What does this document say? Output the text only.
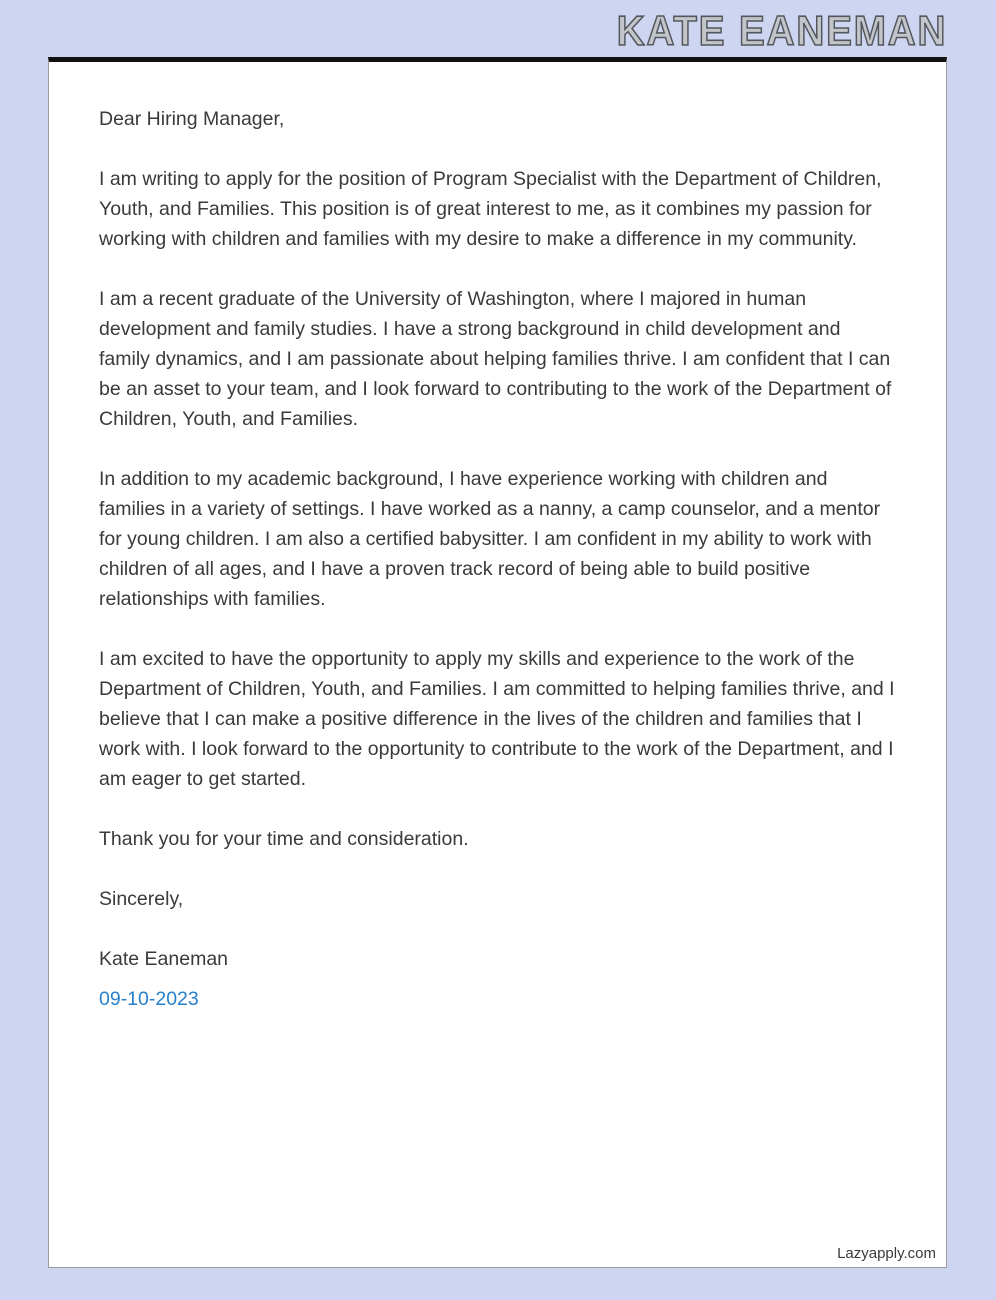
KATE EANEMAN

Dear Hiring Manager,

I am writing to apply for the position of Program Specialist with the Department of Children, Youth, and Families. This position is of great interest to me, as it combines my passion for working with children and families with my desire to make a difference in my community.

I am a recent graduate of the University of Washington, where I majored in human development and family studies. I have a strong background in child development and family dynamics, and I am passionate about helping families thrive. I am confident that I can be an asset to your team, and I look forward to contributing to the work of the Department of Children, Youth, and Families.

In addition to my academic background, I have experience working with children and families in a variety of settings. I have worked as a nanny, a camp counselor, and a mentor for young children. I am also a certified babysitter. I am confident in my ability to work with children of all ages, and I have a proven track record of being able to build positive relationships with families.

I am excited to have the opportunity to apply my skills and experience to the work of the Department of Children, Youth, and Families. I am committed to helping families thrive, and I believe that I can make a positive difference in the lives of the children and families that I work with. I look forward to the opportunity to contribute to the work of the Department, and I am eager to get started.

Thank you for your time and consideration.

Sincerely,

Kate Eaneman

09-10-2023

Lazyapply.com
